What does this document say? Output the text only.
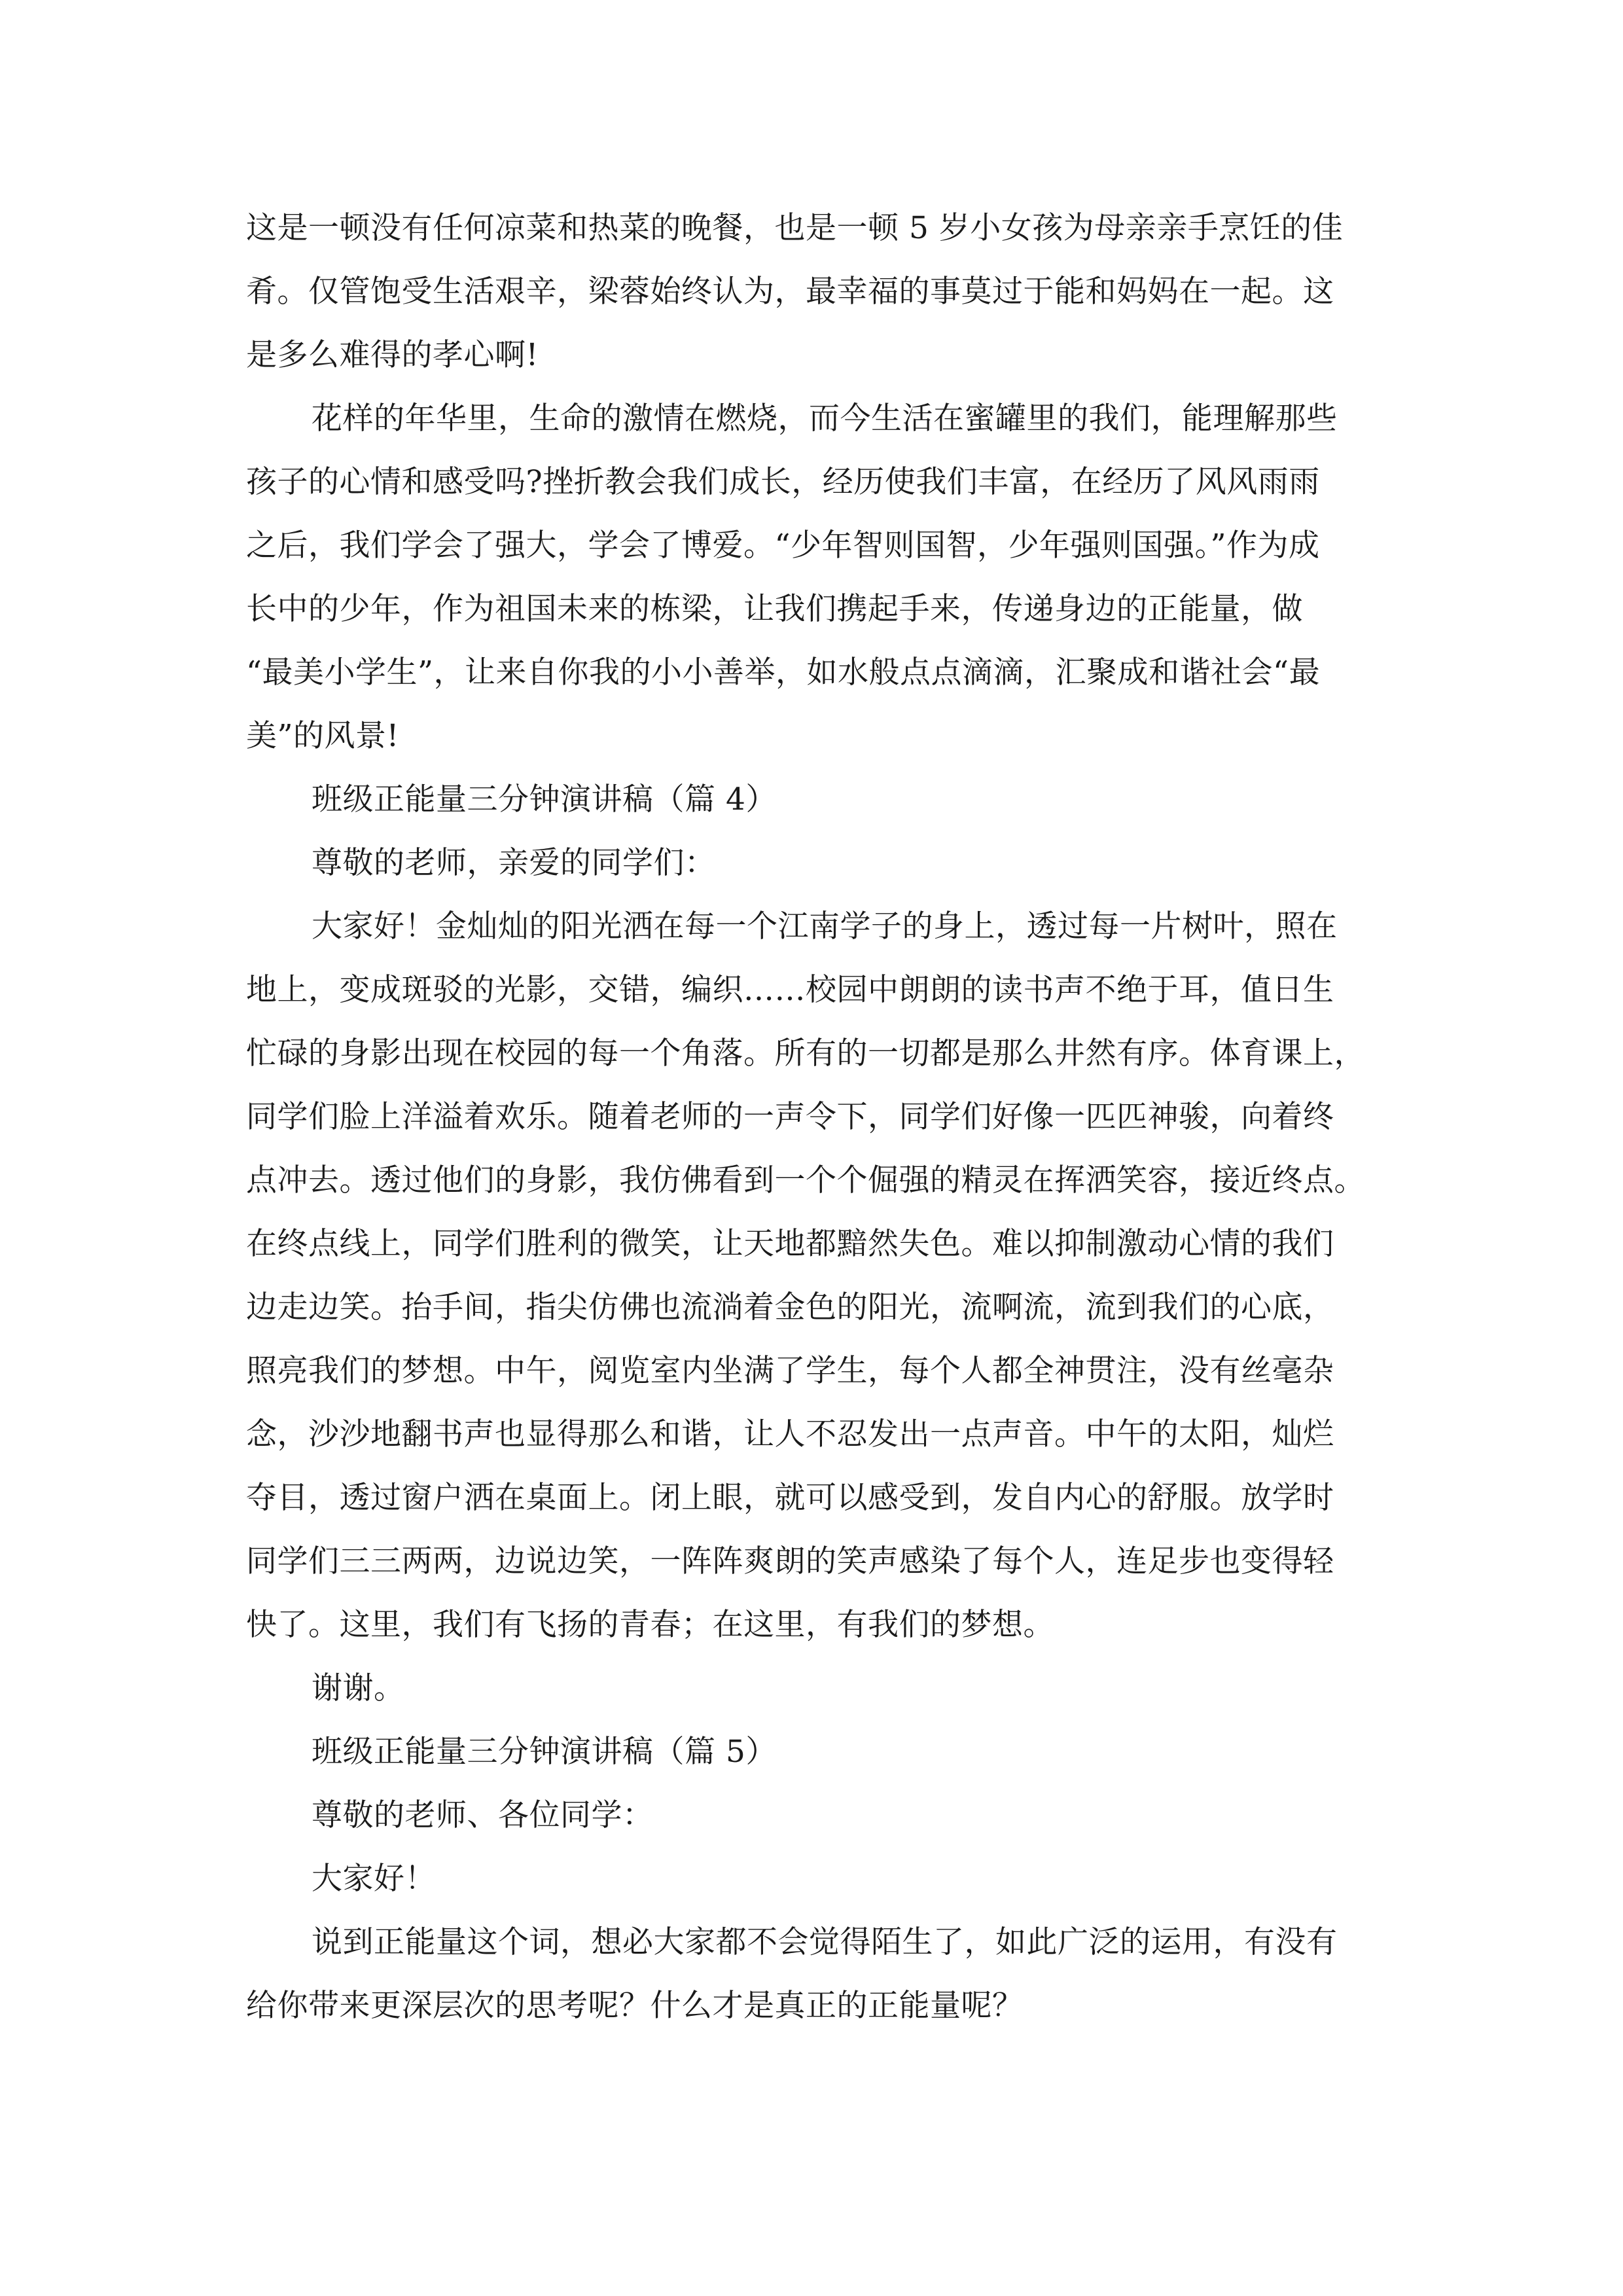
这是一顿没有任何凉菜和热菜的晚餐，也是一顿 5 岁小女孩为母亲亲手烹饪的佳
肴。仅管饱受生活艰辛，梁蓉始终认为，最幸福的事莫过于能和妈妈在一起。这
是多么难得的孝心啊!
花样的年华里，生命的激情在燃烧，而今生活在蜜罐里的我们，能理解那些
孩子的心情和感受吗?挫折教会我们成长，经历使我们丰富，在经历了风风雨雨
之后，我们学会了强大，学会了博爱。“少年智则国智，少年强则国强。”作为成
长中的少年，作为祖国未来的栋梁，让我们携起手来，传递身边的正能量，做
“最美小学生”，让来自你我的小小善举，如水般点点滴滴，汇聚成和谐社会“最
美”的风景!
班级正能量三分钟演讲稿（篇 4）
尊敬的老师，亲爱的同学们：
大家好！金灿灿的阳光洒在每一个江南学子的身上，透过每一片树叶，照在
地上，变成斑驳的光影，交错，编织……校园中朗朗的读书声不绝于耳，值日生
忙碌的身影出现在校园的每一个角落。所有的一切都是那么井然有序。体育课上，
同学们脸上洋溢着欢乐。随着老师的一声令下，同学们好像一匹匹神骏，向着终
点冲去。透过他们的身影，我仿佛看到一个个倔强的精灵在挥洒笑容，接近终点。
在终点线上，同学们胜利的微笑，让天地都黯然失色。难以抑制激动心情的我们
边走边笑。抬手间，指尖仿佛也流淌着金色的阳光，流啊流，流到我们的心底，
照亮我们的梦想。中午，阅览室内坐满了学生，每个人都全神贯注，没有丝毫杂
念，沙沙地翻书声也显得那么和谐，让人不忍发出一点声音。中午的太阳，灿烂
夺目，透过窗户洒在桌面上。闭上眼，就可以感受到，发自内心的舒服。放学时
同学们三三两两，边说边笑，一阵阵爽朗的笑声感染了每个人，连足步也变得轻
快了。这里，我们有飞扬的青春；在这里，有我们的梦想。
谢谢。
班级正能量三分钟演讲稿（篇 5）
尊敬的老师、各位同学：
大家好！
说到正能量这个词，想必大家都不会觉得陌生了，如此广泛的运用，有没有
给你带来更深层次的思考呢？什么才是真正的正能量呢？
